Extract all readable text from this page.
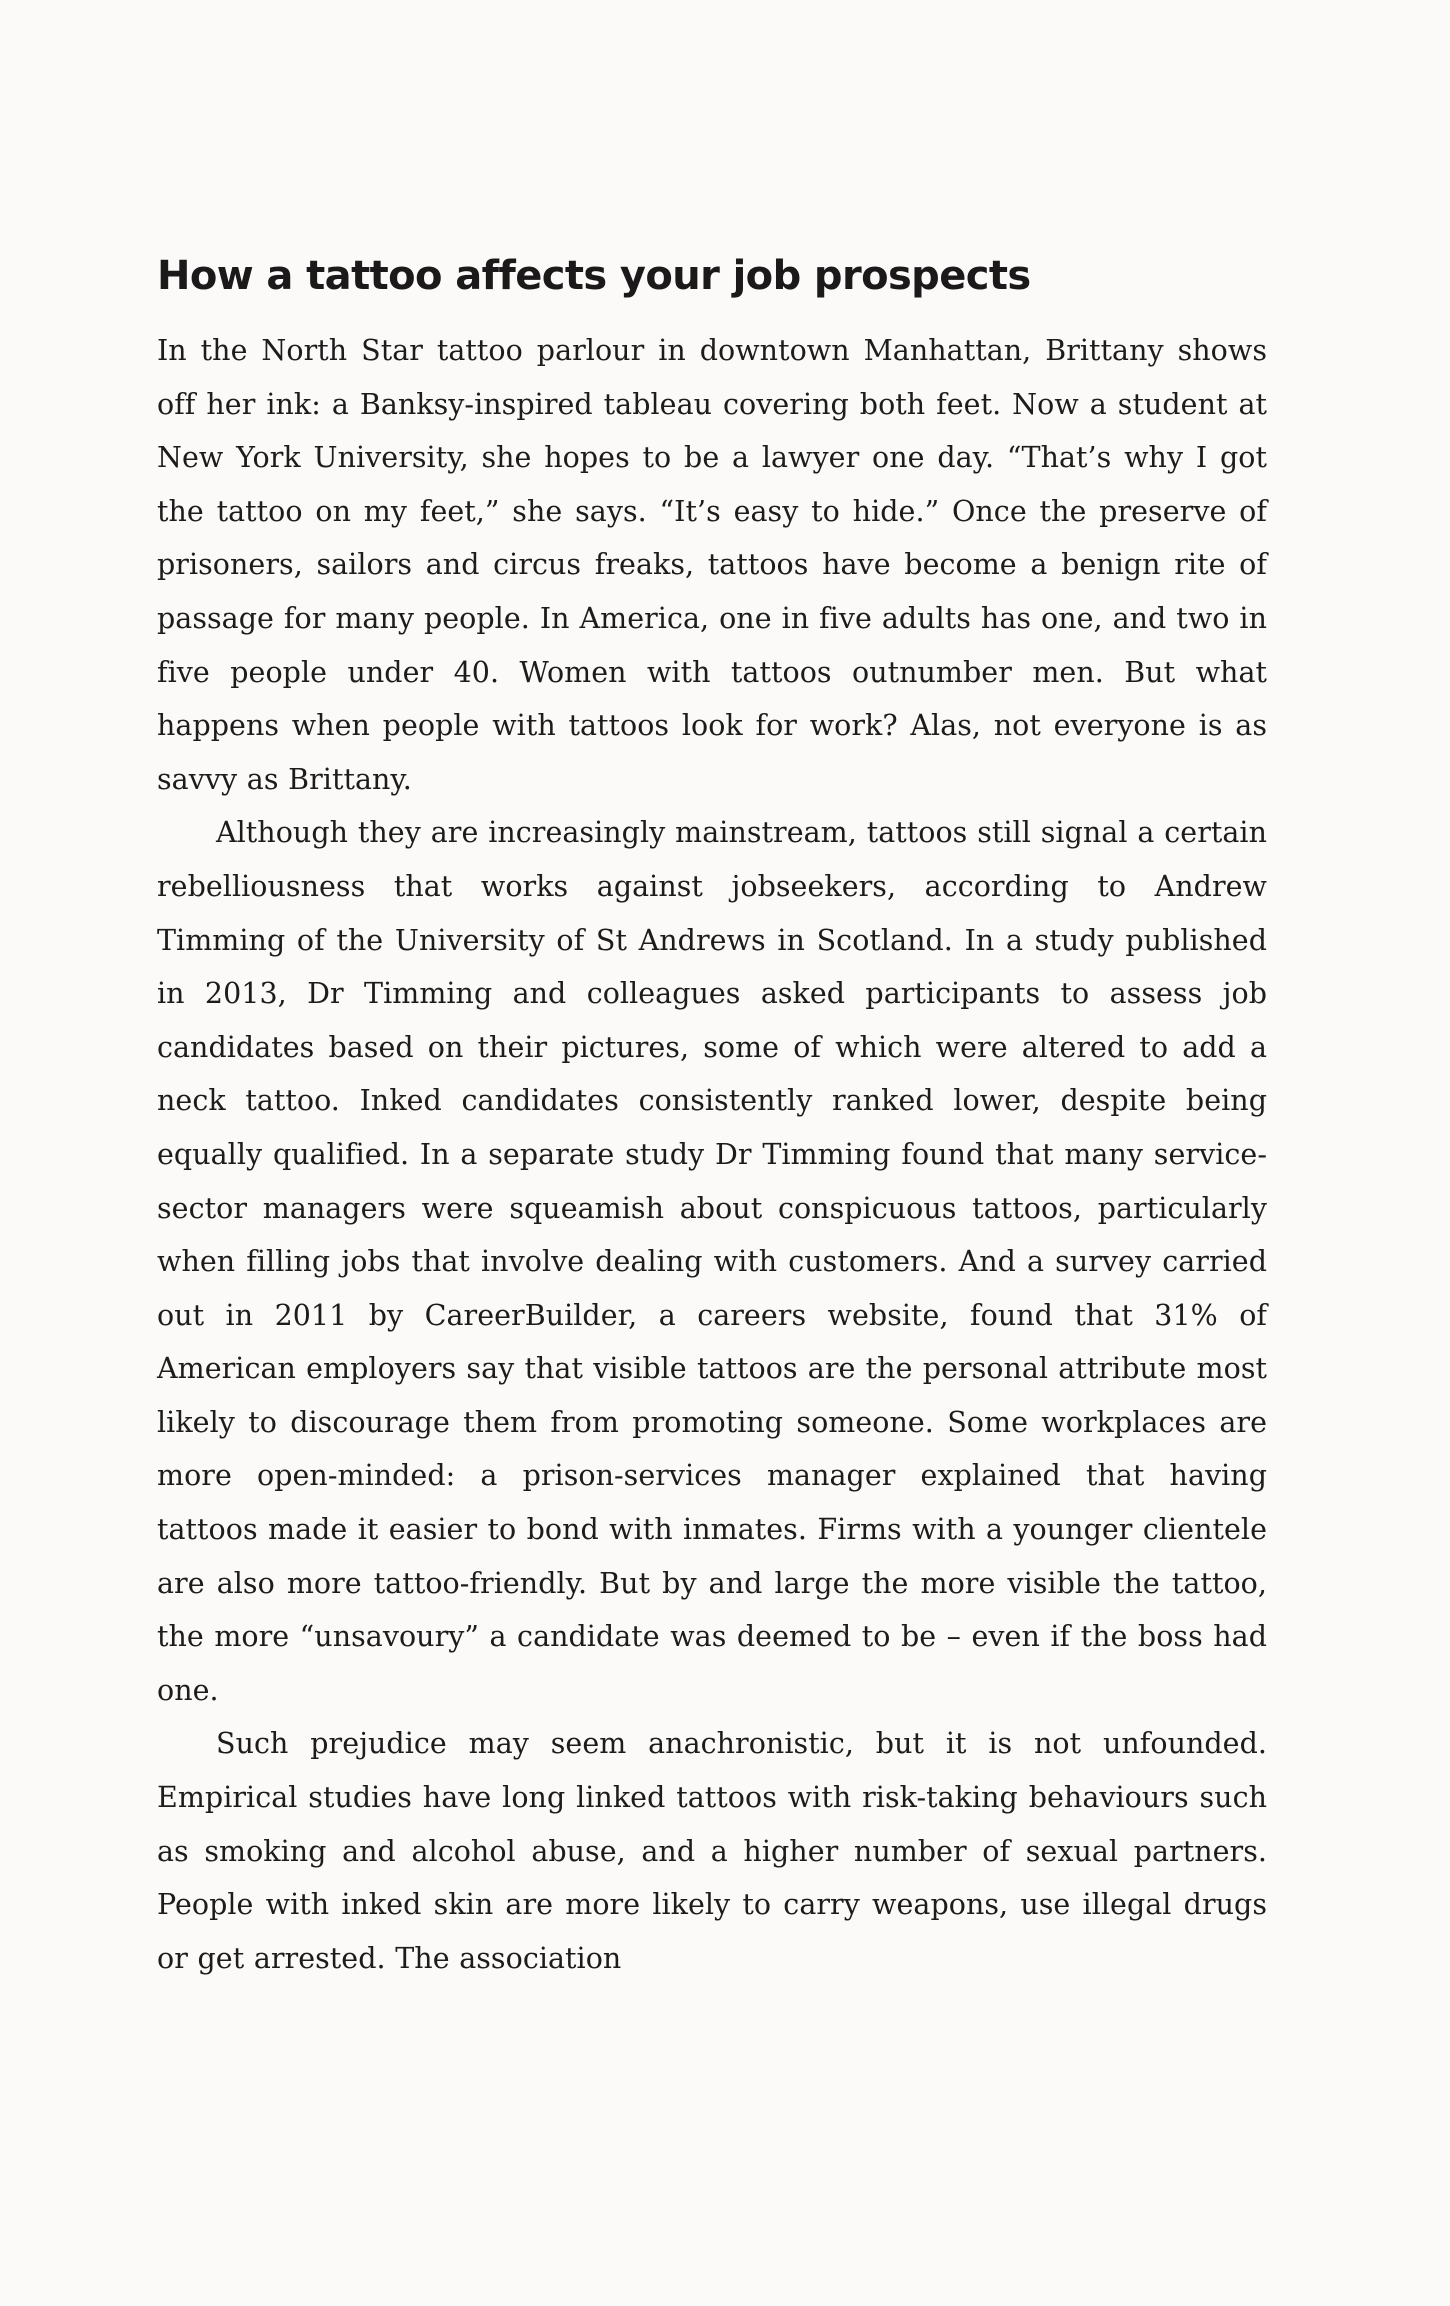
How a tattoo affects your job prospects

In the North Star tattoo parlour in downtown Manhattan, Brittany shows off her ink: a Banksy-inspired tableau covering both feet. Now a student at New York University, she hopes to be a lawyer one day. “That’s why I got the tattoo on my feet,” she says. “It’s easy to hide.” Once the preserve of prisoners, sailors and circus freaks, tattoos have become a benign rite of passage for many people. In America, one in five adults has one, and two in five people under 40. Women with tattoos outnumber men. But what happens when people with tattoos look for work? Alas, not everyone is as savvy as Brittany.

Although they are increasingly mainstream, tattoos still signal a certain rebelliousness that works against jobseekers, according to Andrew Timming of the University of St Andrews in Scotland. In a study published in 2013, Dr Timming and colleagues asked participants to assess job candidates based on their pictures, some of which were altered to add a neck tattoo. Inked candidates consistently ranked lower, despite being equally qualified. In a separate study Dr Timming found that many service-sector managers were squeamish about conspicuous tattoos, particularly when filling jobs that involve dealing with customers. And a survey carried out in 2011 by CareerBuilder, a careers website, found that 31% of American employers say that visible tattoos are the personal attribute most likely to discourage them from promoting someone. Some workplaces are more open-minded: a prison-services manager explained that having tattoos made it easier to bond with inmates. Firms with a younger clientele are also more tattoo-friendly. But by and large the more visible the tattoo, the more “unsavoury” a candidate was deemed to be – even if the boss had one.

Such prejudice may seem anachronistic, but it is not unfounded. Empirical studies have long linked tattoos with risk-taking behaviours such as smoking and alcohol abuse, and a higher number of sexual partners. People with inked skin are more likely to carry weapons, use illegal drugs or get arrested. The association
